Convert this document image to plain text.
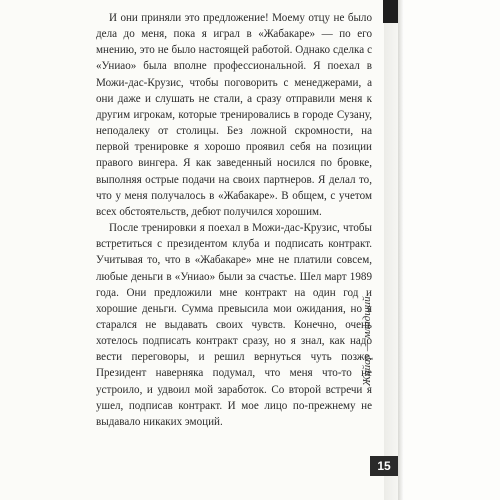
И они приняли это предложение! Моему отцу не было дела до меня, пока я играл в «Жабакаре» — по его мнению, это не было настоящей работой. Однако сделка с «Униао» была вполне профессиональной. Я поехал в Можи-дас-Крузис, чтобы поговорить с менеджерами, а они даже и слушать не стали, а сразу отправили меня к другим игрокам, которые тренировались в городе Сузану, неподалеку от столицы. Без ложной скромности, на первой тренировке я хорошо проявил себя на позиции правого вингера. Я как заведенный носился по бровке, выполняя острые подачи на своих партнеров. Я делал то, что у меня получалось в «Жабакаре». В общем, с учетом всех обстоятельств, дебют получился хорошим.

После тренировки я поехал в Можи-дас-Крузис, чтобы встретиться с президентом клуба и подписать контракт. Учитывая то, что в «Жабакаре» мне не платили совсем, любые деньги в «Униао» были за счастье. Шел март 1989 года. Они предложили мне контракт на один год и хорошие деньги. Сумма превысила мои ожидания, но я старался не выдавать своих чувств. Конечно, очень хотелось подписать контракт сразу, но я знал, как надо вести переговоры, и решил вернуться чуть позже. Президент наверняка подумал, что меня что-то не устроило, и удвоил мой заработок. Со второй встречи я ушел, подписав контракт. И мое лицо по-прежнему не выдавало никаких эмоций.

Жайар — младший
15
